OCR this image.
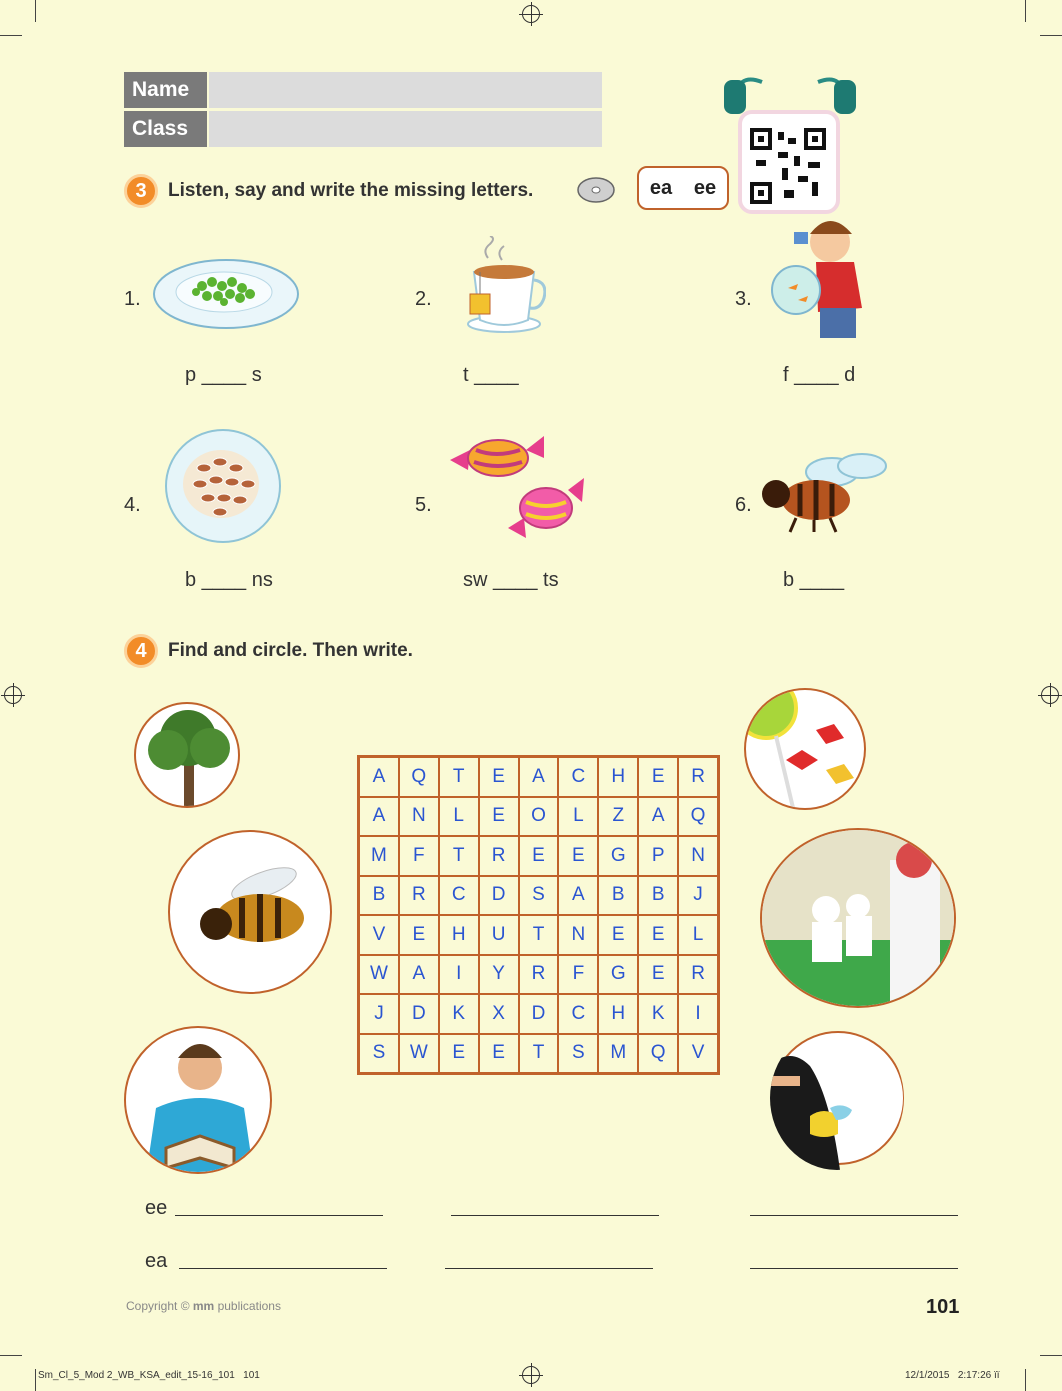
Name
Class
3	Listen, say and write the missing letters.	ea ee
1.
p ____ s
2.
t ____
3.
f ____ d
4.
b ____ ns
5.
sw ____ ts
6.
b ____
4	Find and circle. Then write.
A	Q	T	E	A	C	H	E	R
A	N	L	E	O	L	Z	A	Q
M	F	T	R	E	E	G	P	N
B	R	C	D	S	A	B	B	J
V	E	H	U	T	N	E	E	L
W	A	I	Y	R	F	G	E	R
J	D	K	X	D	C	H	K	I
S	W	E	E	T	S	M	Q	V
ee
ea
Copyright © mm publications	101
Sm_Cl_5_Mod 2_WB_KSA_edit_15-16_101   101	12/1/2015   2:17:26 ïï
